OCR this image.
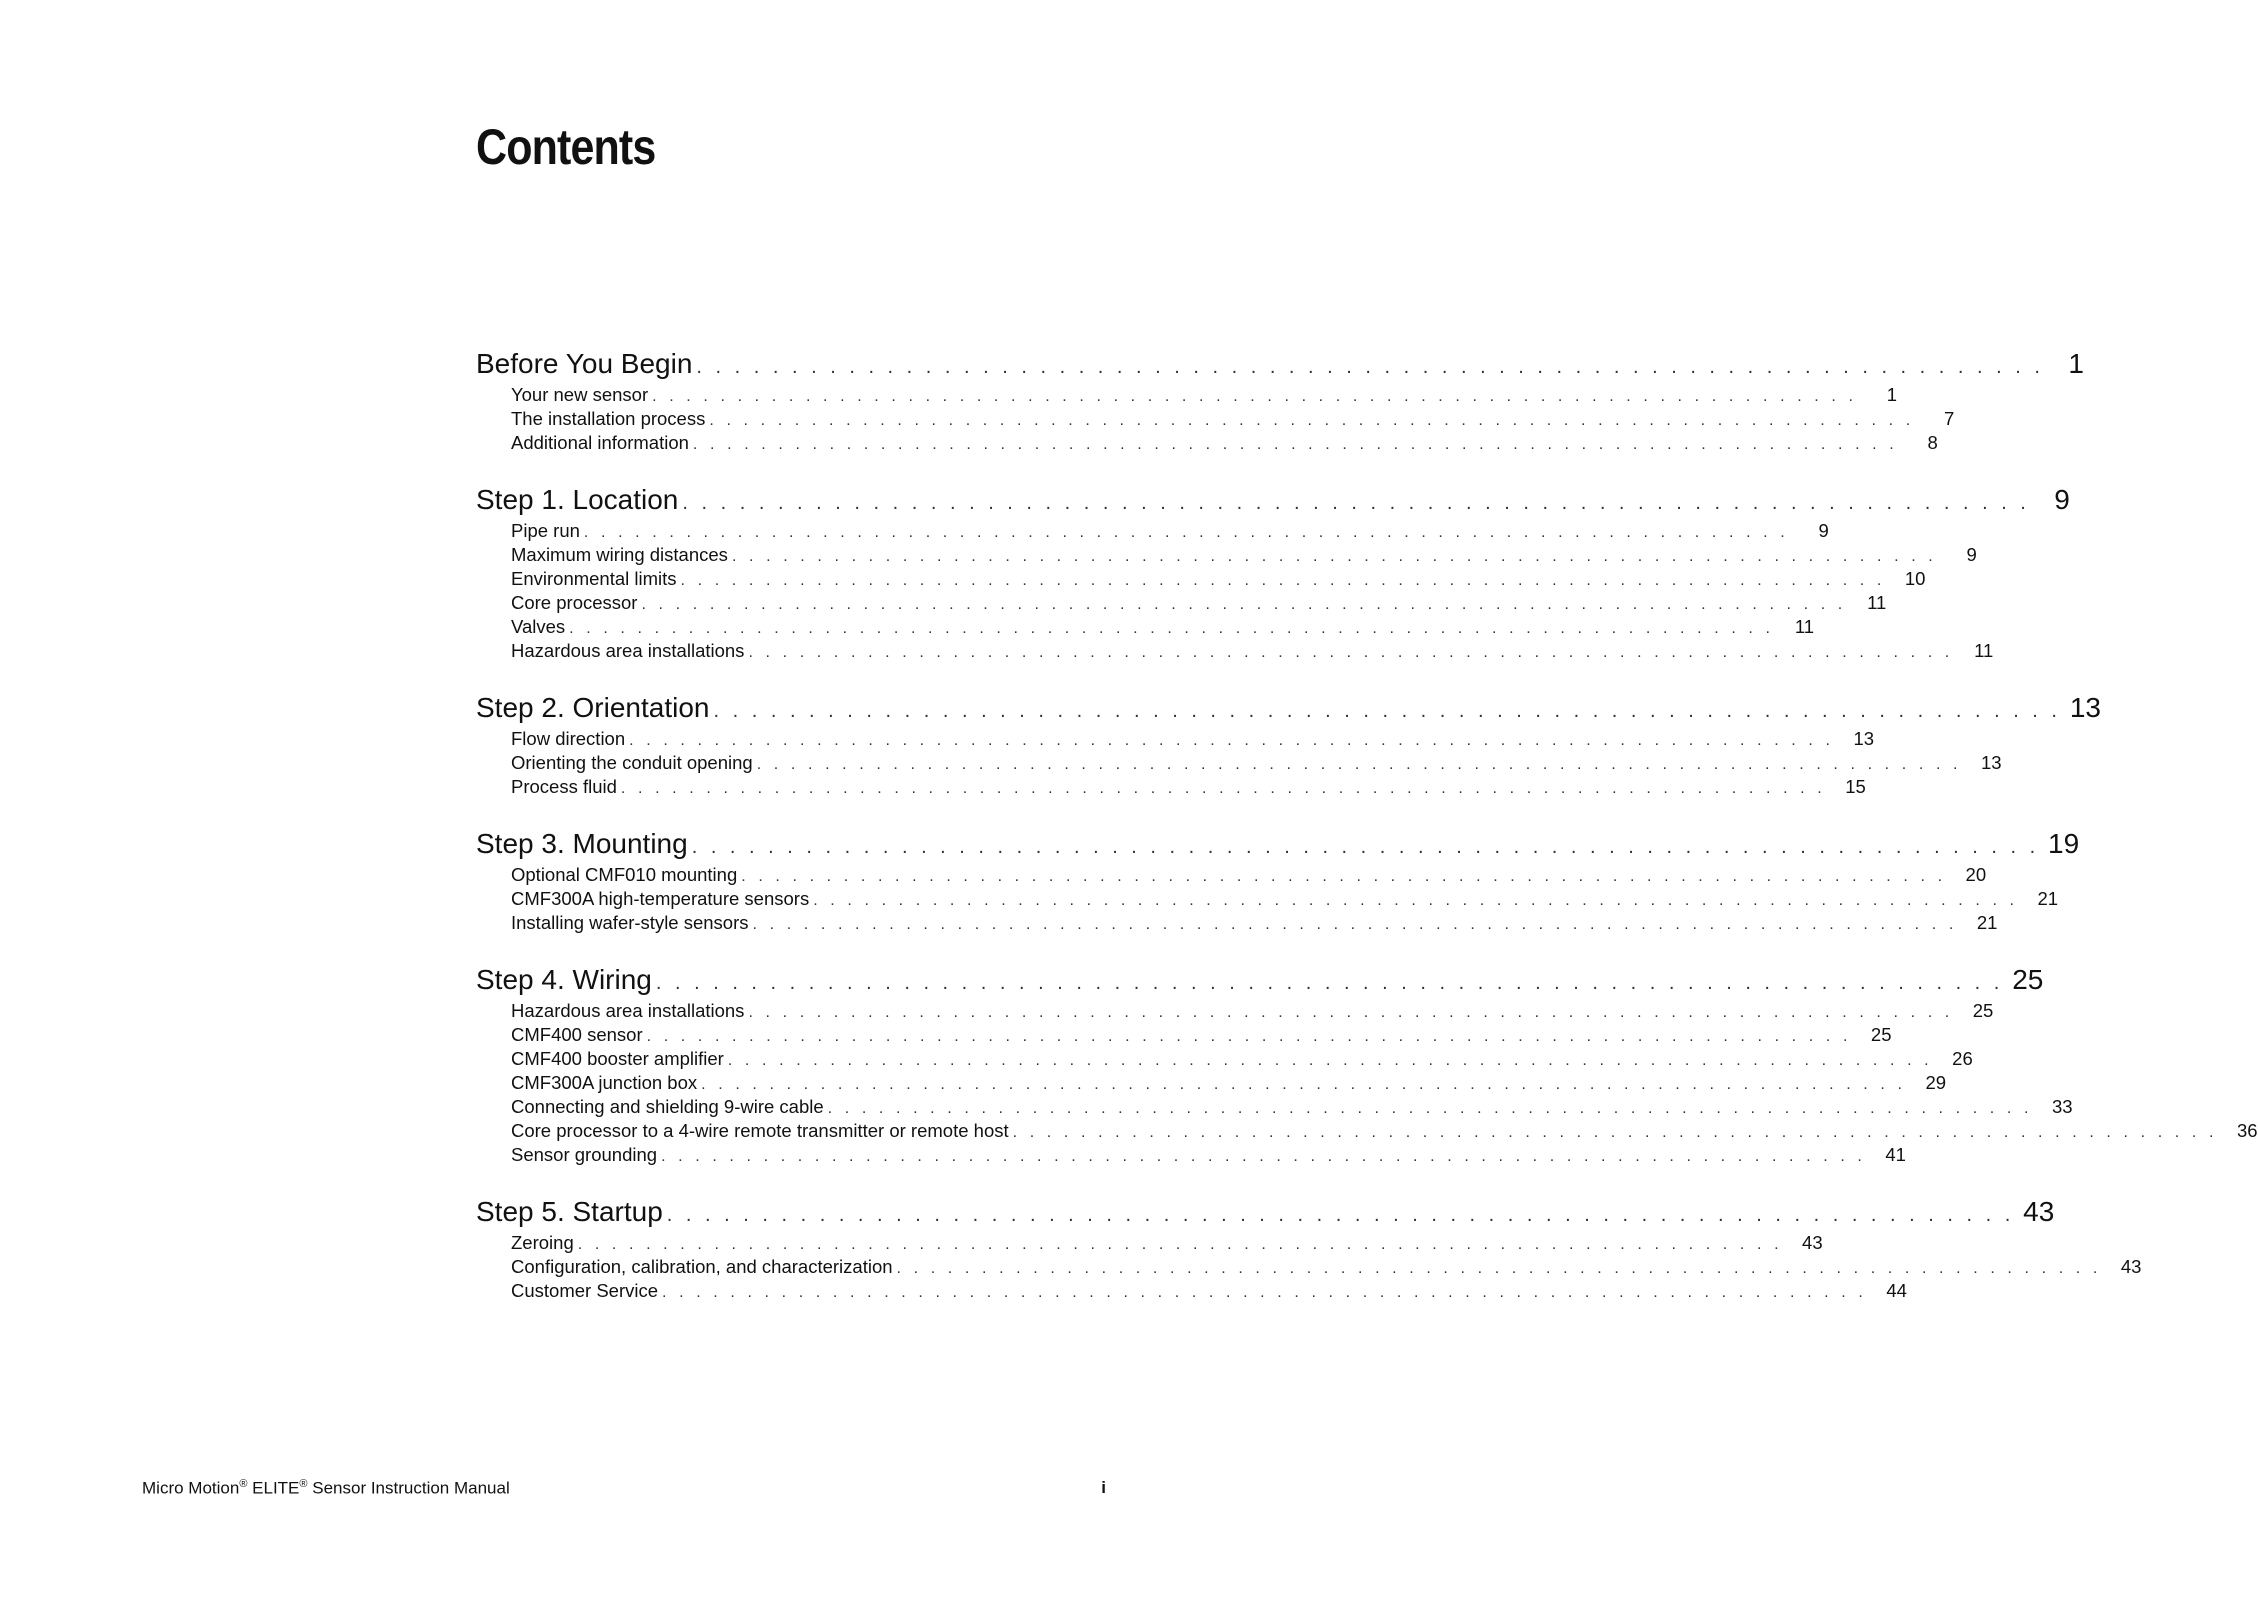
Contents
Before You Begin . . . . . . . . . . . . . . . . . . . . . . . . . . . . . . . . . . . . . . . . . . . . . . . . . . . . . . . . . . . . . . . . . . . . . . . 1
Your new sensor . . . . . . . . . . . . . . . . . . . . . . . . . . . . . . . . . . . . . . . . . . . . . . . . . . . . . . . . . . . . . . . . . . . . . . .	1
The installation process . . . . . . . . . . . . . . . . . . . . . . . . . . . . . . . . . . . . . . . . . . . . . . . . . . . . . . . . . . . . . . . . . . . . . . .	7
Additional information . . . . . . . . . . . . . . . . . . . . . . . . . . . . . . . . . . . . . . . . . . . . . . . . . . . . . . . . . . . . . . . . . . . . . . .	8
Step 1. Location . . . . . . . . . . . . . . . . . . . . . . . . . . . . . . . . . . . . . . . . . . . . . . . . . . . . . . . . . . . . . . . . . . . . . . . 9
Pipe run . . . . . . . . . . . . . . . . . . . . . . . . . . . . . . . . . . . . . . . . . . . . . . . . . . . . . . . . . . . . . . . . . . . . . . .	9
Maximum wiring distances . . . . . . . . . . . . . . . . . . . . . . . . . . . . . . . . . . . . . . . . . . . . . . . . . . . . . . . . . . . . . . . . . . . . . . .	9
Environmental limits . . . . . . . . . . . . . . . . . . . . . . . . . . . . . . . . . . . . . . . . . . . . . . . . . . . . . . . . . . . . . . . . . . . . . . .	10
Core processor . . . . . . . . . . . . . . . . . . . . . . . . . . . . . . . . . . . . . . . . . . . . . . . . . . . . . . . . . . . . . . . . . . . . . . .	11
Valves . . . . . . . . . . . . . . . . . . . . . . . . . . . . . . . . . . . . . . . . . . . . . . . . . . . . . . . . . . . . . . . . . . . . . . .	11
Hazardous area installations . . . . . . . . . . . . . . . . . . . . . . . . . . . . . . . . . . . . . . . . . . . . . . . . . . . . . . . . . . . . . . . . . . . . . . .	11
Step 2. Orientation . . . . . . . . . . . . . . . . . . . . . . . . . . . . . . . . . . . . . . . . . . . . . . . . . . . . . . . . . . . . . . . . . . . . . . . 13
Flow direction . . . . . . . . . . . . . . . . . . . . . . . . . . . . . . . . . . . . . . . . . . . . . . . . . . . . . . . . . . . . . . . . . . . . . . .	13
Orienting the conduit opening . . . . . . . . . . . . . . . . . . . . . . . . . . . . . . . . . . . . . . . . . . . . . . . . . . . . . . . . . . . . . . . . . . . . . . .	13
Process fluid . . . . . . . . . . . . . . . . . . . . . . . . . . . . . . . . . . . . . . . . . . . . . . . . . . . . . . . . . . . . . . . . . . . . . . .	15
Step 3. Mounting . . . . . . . . . . . . . . . . . . . . . . . . . . . . . . . . . . . . . . . . . . . . . . . . . . . . . . . . . . . . . . . . . . . . . . . 19
Optional CMF010 mounting . . . . . . . . . . . . . . . . . . . . . . . . . . . . . . . . . . . . . . . . . . . . . . . . . . . . . . . . . . . . . . . . . . . . . . .	20
CMF300A high-temperature sensors . . . . . . . . . . . . . . . . . . . . . . . . . . . . . . . . . . . . . . . . . . . . . . . . . . . . . . . . . . . . . . . . . . . . . . .	21
Installing wafer-style sensors . . . . . . . . . . . . . . . . . . . . . . . . . . . . . . . . . . . . . . . . . . . . . . . . . . . . . . . . . . . . . . . . . . . . . . .	21
Step 4. Wiring . . . . . . . . . . . . . . . . . . . . . . . . . . . . . . . . . . . . . . . . . . . . . . . . . . . . . . . . . . . . . . . . . . . . . . . 25
Hazardous area installations . . . . . . . . . . . . . . . . . . . . . . . . . . . . . . . . . . . . . . . . . . . . . . . . . . . . . . . . . . . . . . . . . . . . . . .	25
CMF400 sensor . . . . . . . . . . . . . . . . . . . . . . . . . . . . . . . . . . . . . . . . . . . . . . . . . . . . . . . . . . . . . . . . . . . . . . .	25
CMF400 booster amplifier . . . . . . . . . . . . . . . . . . . . . . . . . . . . . . . . . . . . . . . . . . . . . . . . . . . . . . . . . . . . . . . . . . . . . . .	26
CMF300A junction box . . . . . . . . . . . . . . . . . . . . . . . . . . . . . . . . . . . . . . . . . . . . . . . . . . . . . . . . . . . . . . . . . . . . . . .	29
Connecting and shielding 9-wire cable . . . . . . . . . . . . . . . . . . . . . . . . . . . . . . . . . . . . . . . . . . . . . . . . . . . . . . . . . . . . . . . . . . . . . . .	33
Core processor to a 4-wire remote transmitter or remote host . . . . . . . . . . . . . . . . . . . . . . . . . . . . . . . . . . . . . . . . . . . . . . . . . . . . . . . . . . . . . . . . . . . . . . .	36
Sensor grounding . . . . . . . . . . . . . . . . . . . . . . . . . . . . . . . . . . . . . . . . . . . . . . . . . . . . . . . . . . . . . . . . . . . . . . .	41
Step 5. Startup . . . . . . . . . . . . . . . . . . . . . . . . . . . . . . . . . . . . . . . . . . . . . . . . . . . . . . . . . . . . . . . . . . . . . . . 43
Zeroing . . . . . . . . . . . . . . . . . . . . . . . . . . . . . . . . . . . . . . . . . . . . . . . . . . . . . . . . . . . . . . . . . . . . . . .	43
Configuration, calibration, and characterization . . . . . . . . . . . . . . . . . . . . . . . . . . . . . . . . . . . . . . . . . . . . . . . . . . . . . . . . . . . . . . . . . . . . . . .	43
Customer Service . . . . . . . . . . . . . . . . . . . . . . . . . . . . . . . . . . . . . . . . . . . . . . . . . . . . . . . . . . . . . . . . . . . . . . .	44
Micro Motion® ELITE® Sensor Instruction Manual	i
